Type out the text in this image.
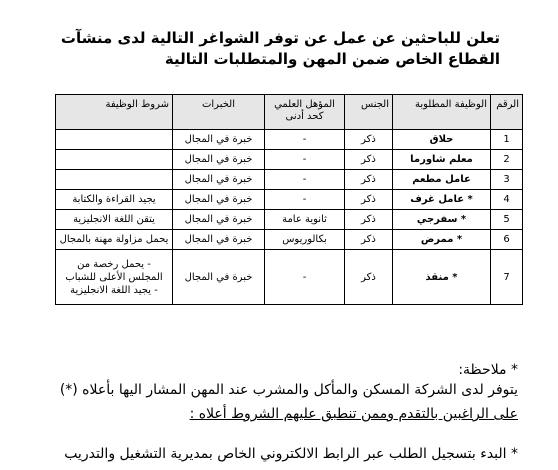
تعلن للباحثين عن عمل عن توفر الشواغر التالية لدى منشآت القطاع الخاص ضمن المهن والمتطلبات التالية
الرقم	الوظيفة المطلوبة	الجنس	المؤهل العلمي كحد أدنى	الخبرات	شروط الوظيفة
1	حلاق	ذكر	-	خبرة في المجال	
2	معلم شاورما	ذكر	-	خبرة في المجال	
3	عامل مطعم	ذكر	-	خبرة في المجال	
4	* عامل غرف	ذكر	-	خبرة في المجال	يجيد القراءة والكتابة
5	* سفرجي	ذكر	ثانوية عامة	خبرة في المجال	يتقن اللغة الانجليزية
6	* ممرض	ذكر	بكالوريوس	خبرة في المجال	يحمل مزاولة مهنة بالمجال
7	* منقذ	ذكر	-	خبرة في المجال	- يحمل رخصة من المجلس الأعلى للشباب
- يجيد اللغة الانجليزية
* ملاحظة:
يتوفر لدى الشركة المسكن والمأكل والمشرب عند المهن المشار اليها بأعلاه (*)
على الراغبين بالتقدم وممن تنطبق عليهم الشروط أعلاه :
* البدء بتسجيل الطلب عبر الرابط الالكتروني الخاص بمديرية التشغيل والتدريب
